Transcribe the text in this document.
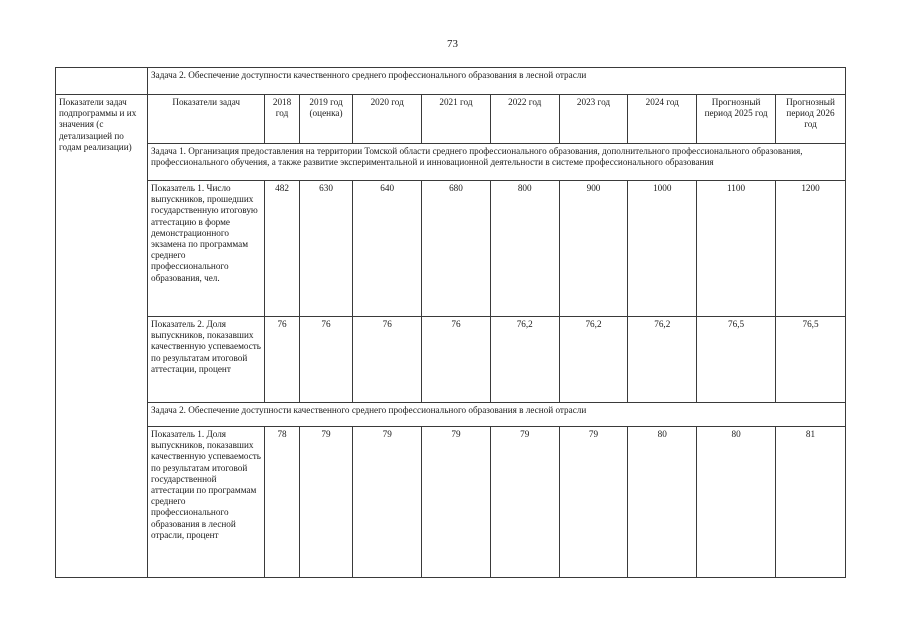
73
	Задача 2. Обеспечение доступности качественного среднего профессионального образования в лесной отрасли									
Показатели задач подпрограммы и их значения (с детализацией по годам реализации)	Показатели задач	2018 год	2019 год (оценка)	2020 год	2021 год	2022 год	2023 год	2024 год	Прогнозный период 2025 год	Прогнозный период 2026 год
	Задача 1. Организация предоставления на территории Томской области среднего профессионального образования, дополнительного профессионального образования, профессионального обучения, а также развитие экспериментальной и инновационной деятельности в системе профессионального образования									
	Показатель 1. Число выпускников, прошедших государственную итоговую аттестацию в форме демонстрационного экзамена по программам среднего профессионального образования, чел.	482	630	640	680	800	900	1000	1100	1200
	Показатель 2. Доля выпускников, показавших качественную успеваемость по результатам итоговой аттестации, процент	76	76	76	76	76,2	76,2	76,2	76,5	76,5
	Задача 2. Обеспечение доступности качественного среднего профессионального образования в лесной отрасли									
	Показатель 1. Доля выпускников, показавших качественную успеваемость по результатам итоговой государственной аттестации по программам среднего профессионального образования в лесной отрасли, процент	78	79	79	79	79	79	80	80	81
